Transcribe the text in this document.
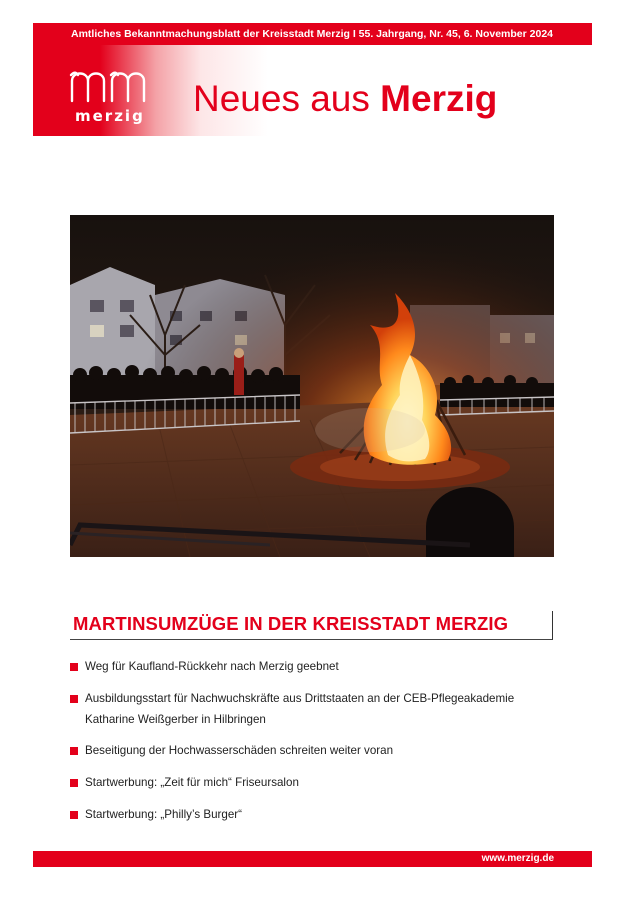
Amtliches Bekanntmachungsblatt der Kreisstadt Merzig I 55. Jahrgang, Nr. 45, 6. November 2024
merzig Neues aus Merzig
MARTINSUMZÜGE IN DER KREISSTADT MERZIG
Weg für Kaufland-Rückkehr nach Merzig geebnet
Ausbildungsstart für Nachwuchskräfte aus Drittstaaten an der CEB-Pflegeakademie
Katharine Weißgerber in Hilbringen
Beseitigung der Hochwasserschäden schreiten weiter voran
Startwerbung: „Zeit für mich“ Friseursalon
Startwerbung: „Philly’s Burger“
www.merzig.de
